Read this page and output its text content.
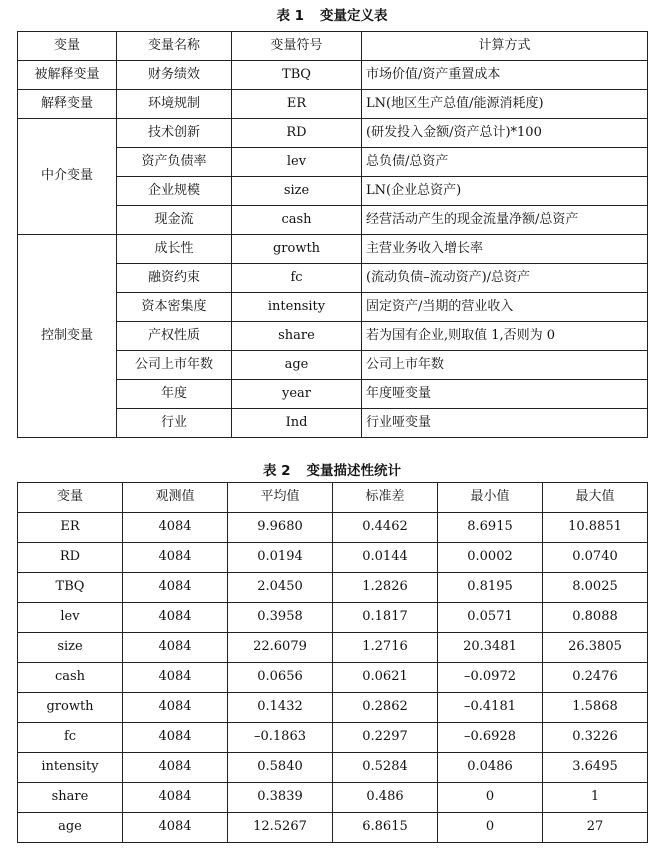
表 1 变量定义表
变量	变量名称	变量符号	计算方式
被解释变量	财务绩效	TBQ	市场价值/资产重置成本
解释变量	环境规制	ER	LN(地区生产总值/能源消耗度)
中介变量	技术创新	RD	(研发投入金额/资产总计)*100
	资产负债率	lev	总负债/总资产
	企业规模	size	LN(企业总资产)
	现金流	cash	经营活动产生的现金流量净额/总资产
控制变量	成长性	growth	主营业务收入增长率
	融资约束	fc	(流动负债–流动资产)/总资产
	资本密集度	intensity	固定资产/当期的营业收入
	产权性质	share	若为国有企业,则取值 1,否则为 0
	公司上市年数	age	公司上市年数
	年度	year	年度哑变量
	行业	Ind	行业哑变量
表 2 变量描述性统计
变量	观测值	平均值	标准差	最小值	最大值
ER	4084	9.9680	0.4462	8.6915	10.8851
RD	4084	0.0194	0.0144	0.0002	0.0740
TBQ	4084	2.0450	1.2826	0.8195	8.0025
lev	4084	0.3958	0.1817	0.0571	0.8088
size	4084	22.6079	1.2716	20.3481	26.3805
cash	4084	0.0656	0.0621	–0.0972	0.2476
growth	4084	0.1432	0.2862	–0.4181	1.5868
fc	4084	–0.1863	0.2297	–0.6928	0.3226
intensity	4084	0.5840	0.5284	0.0486	3.6495
share	4084	0.3839	0.486	0	1
age	4084	12.5267	6.8615	0	27
